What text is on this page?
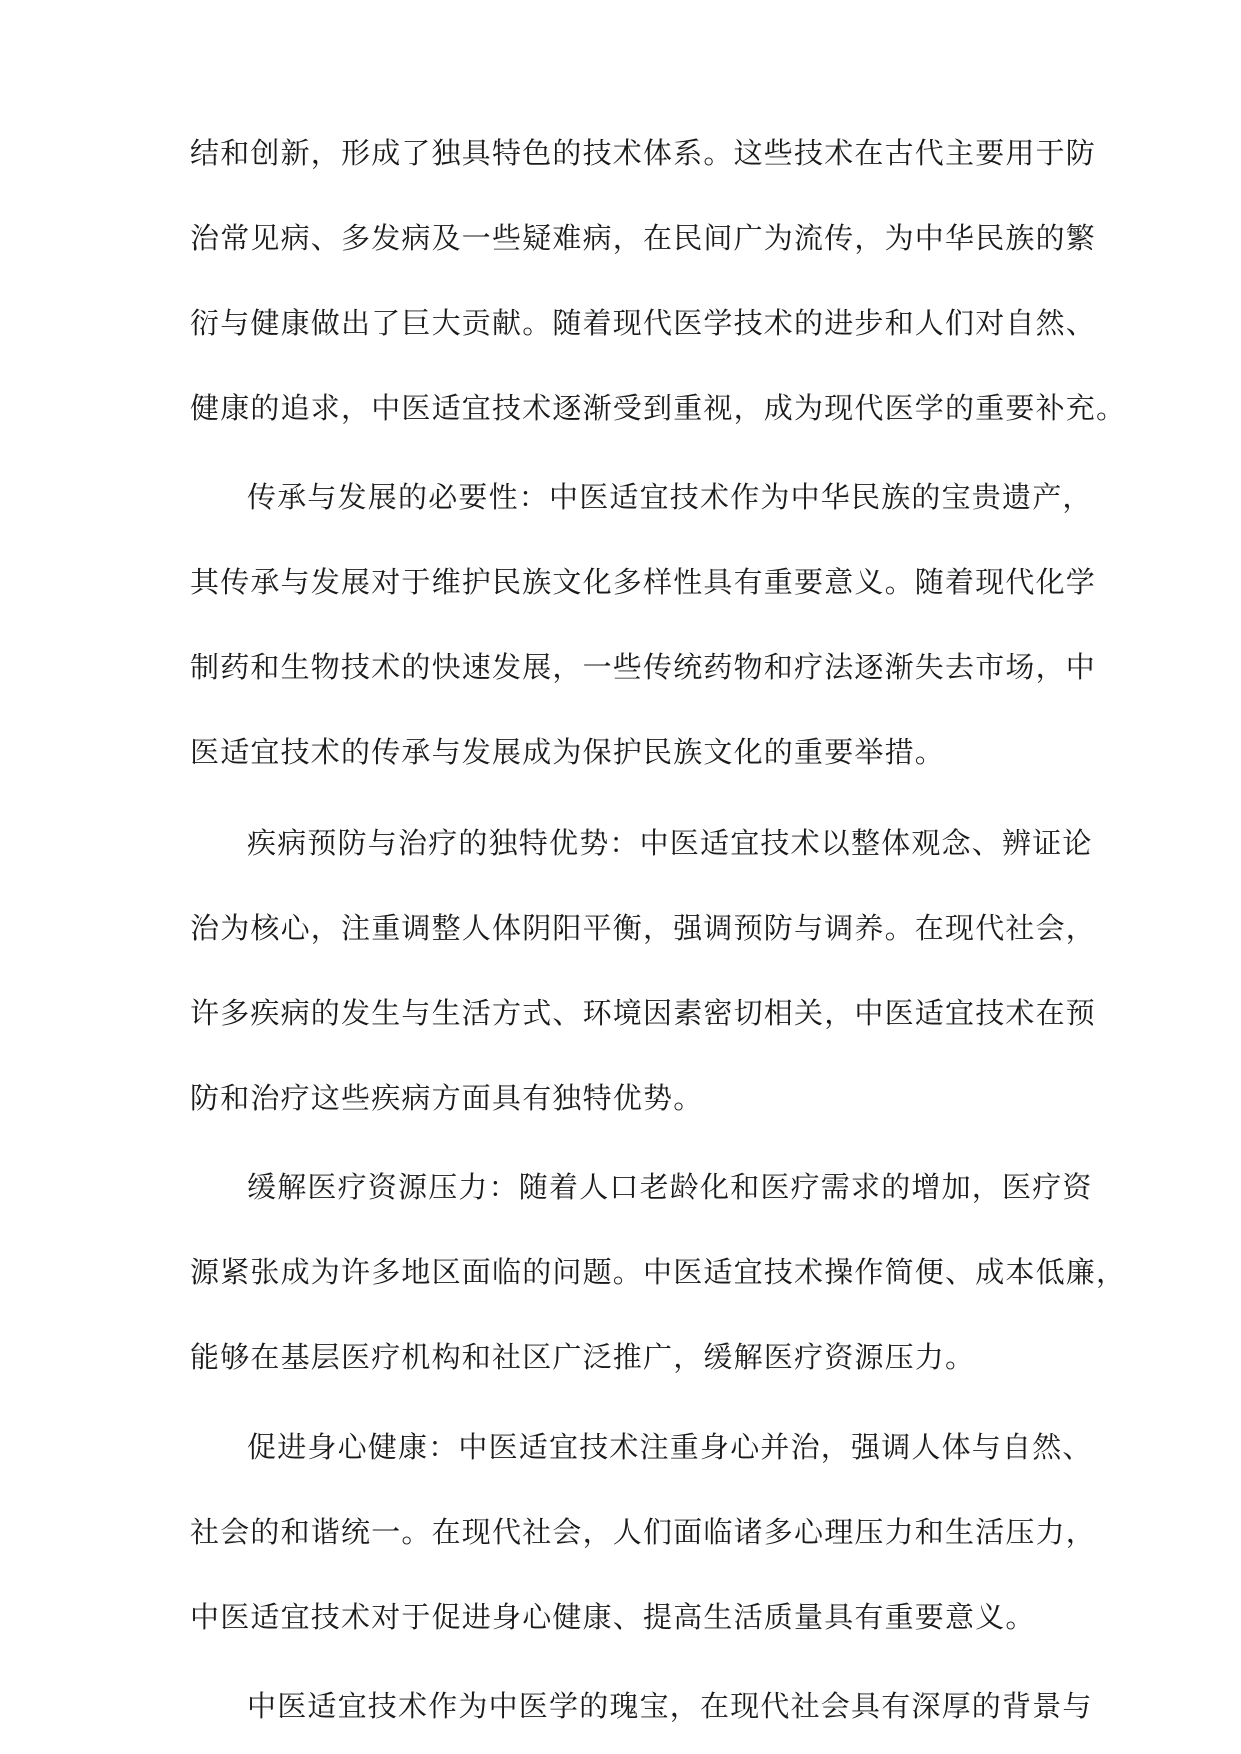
结和创新，形成了独具特色的技术体系。这些技术在古代主要用于防
治常见病、多发病及一些疑难病，在民间广为流传，为中华民族的繁
衍与健康做出了巨大贡献。随着现代医学技术的进步和人们对自然、
健康的追求，中医适宜技术逐渐受到重视，成为现代医学的重要补充。
传承与发展的必要性：中医适宜技术作为中华民族的宝贵遗产，
其传承与发展对于维护民族文化多样性具有重要意义。随着现代化学
制药和生物技术的快速发展，一些传统药物和疗法逐渐失去市场，中
医适宜技术的传承与发展成为保护民族文化的重要举措。
疾病预防与治疗的独特优势：中医适宜技术以整体观念、辨证论
治为核心，注重调整人体阴阳平衡，强调预防与调养。在现代社会，
许多疾病的发生与生活方式、环境因素密切相关，中医适宜技术在预
防和治疗这些疾病方面具有独特优势。
缓解医疗资源压力：随着人口老龄化和医疗需求的增加，医疗资
源紧张成为许多地区面临的问题。中医适宜技术操作简便、成本低廉，
能够在基层医疗机构和社区广泛推广，缓解医疗资源压力。
促进身心健康：中医适宜技术注重身心并治，强调人体与自然、
社会的和谐统一。在现代社会，人们面临诸多心理压力和生活压力，
中医适宜技术对于促进身心健康、提高生活质量具有重要意义。
中医适宜技术作为中医学的瑰宝，在现代社会具有深厚的背景与
